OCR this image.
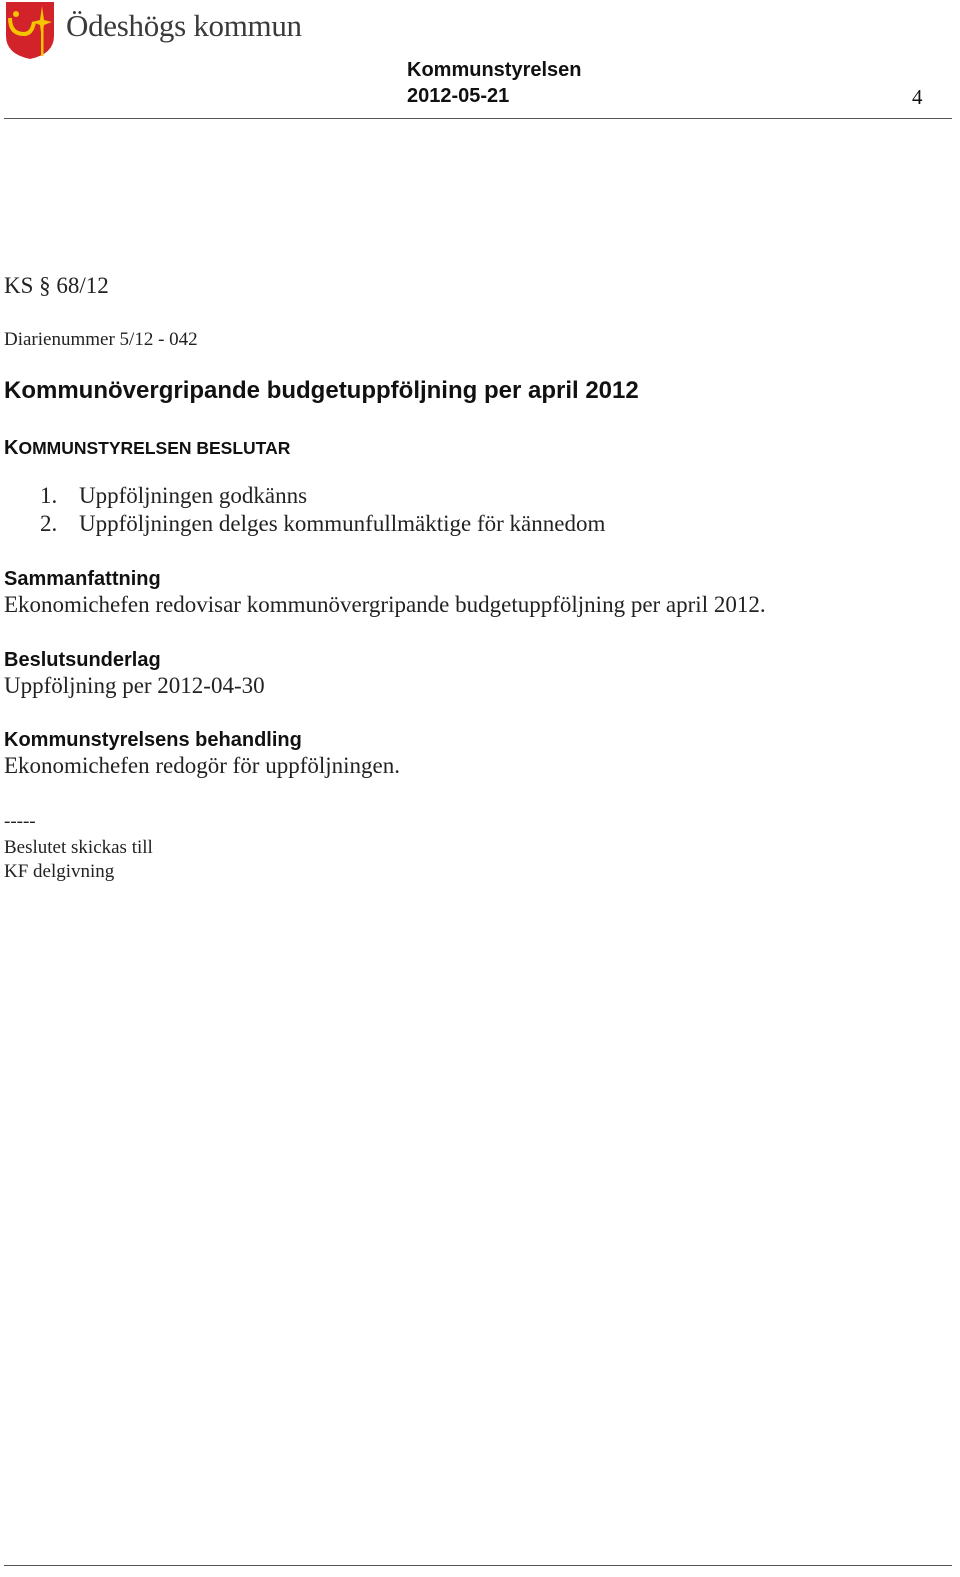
Ödeshögs kommun
Kommunstyrelsen
2012-05-21	4
KS § 68/12
Diarienummer 5/12 - 042
Kommunövergripande budgetuppföljning per april 2012
KOMMUNSTYRELSEN BESLUTAR
1. Uppföljningen godkänns
2. Uppföljningen delges kommunfullmäktige för kännedom
Sammanfattning
Ekonomichefen redovisar kommunövergripande budgetuppföljning per april 2012.
Beslutsunderlag
Uppföljning per 2012-04-30
Kommunstyrelsens behandling
Ekonomichefen redogör för uppföljningen.
-----
Beslutet skickas till
KF delgivning
